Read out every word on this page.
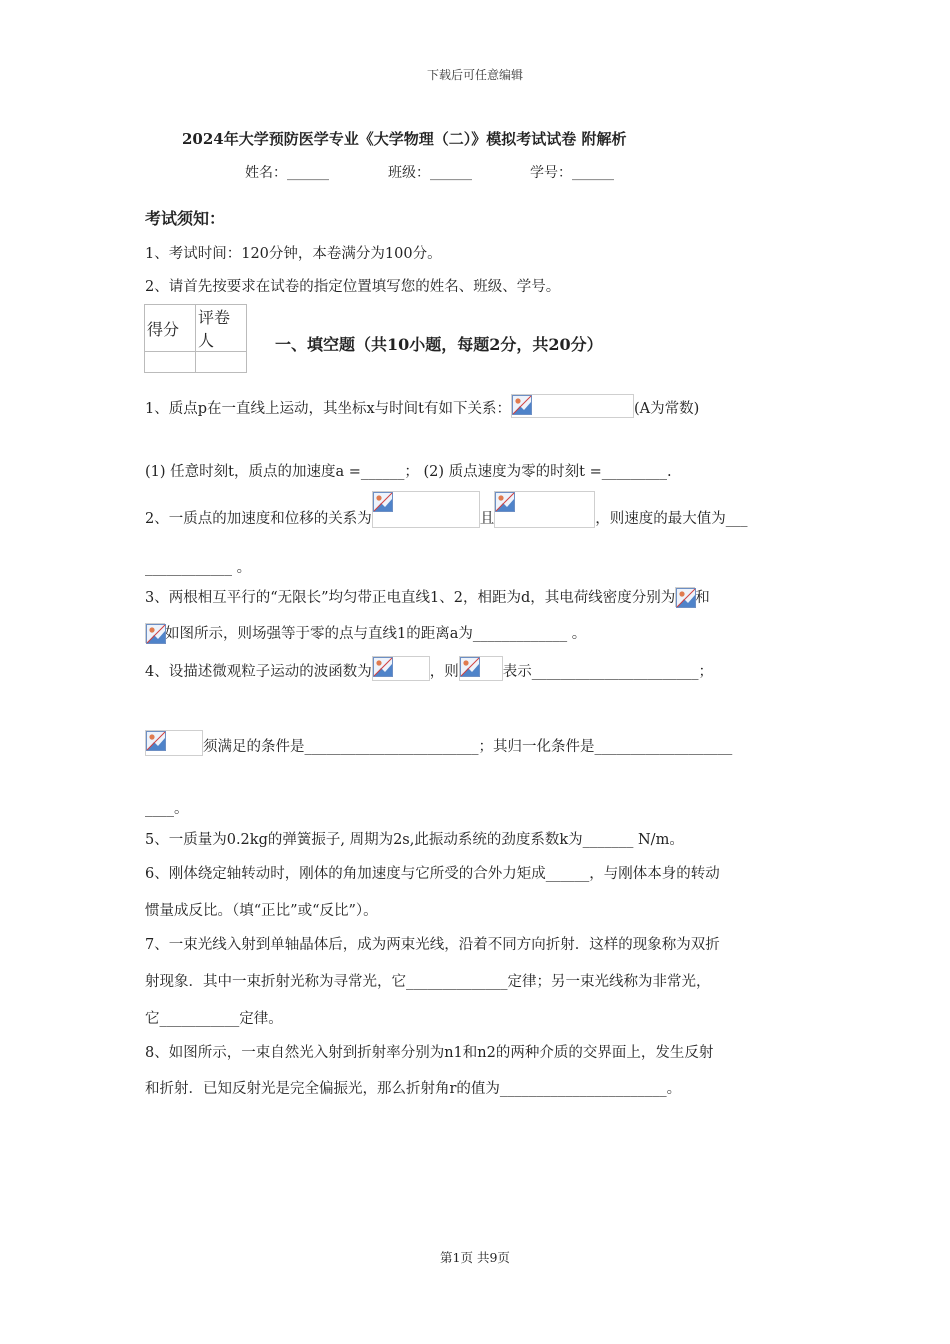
下载后可任意编辑
2024年大学预防医学专业《大学物理（二）》模拟考试试卷 附解析
姓名：______	班级：______	学号：______
考试须知：
1、考试时间：120分钟，本卷满分为100分。
2、请首先按要求在试卷的指定位置填写您的姓名、班级、学号。
得分	评卷人
		一、填空题（共10小题，每题2分，共20分）
1、质点p在一直线上运动，其坐标x与时间t有如下关系：	(A为常数)
(1) 任意时刻t，质点的加速度a =______； (2) 质点速度为零的时刻t =_________.
2、一质点的加速度和位移的关系为	且	，则速度的最大值为___
____________ 。
3、两根相互平行的“无限长”均匀带正电直线1、2，相距为d，其电荷线密度分别为 和
如图所示，则场强等于零的点与直线1的距离a为_____________ 。
4、设描述微观粒子运动的波函数为	，则	表示_______________________；
须满足的条件是________________________；其归一化条件是___________________
____。
5、一质量为0.2kg的弹簧振子, 周期为2s,此振动系统的劲度系数k为_______ N/m。
6、刚体绕定轴转动时，刚体的角加速度与它所受的合外力矩成______，与刚体本身的转动
惯量成反比。（填“正比”或“反比”）。
7、一束光线入射到单轴晶体后，成为两束光线，沿着不同方向折射．这样的现象称为双折
射现象．其中一束折射光称为寻常光，它______________定律；另一束光线称为非常光，
它___________定律。
8、如图所示，一束自然光入射到折射率分别为n1和n2的两种介质的交界面上，发生反射
和折射．已知反射光是完全偏振光，那么折射角r的值为_______________________。
第1页 共9页
